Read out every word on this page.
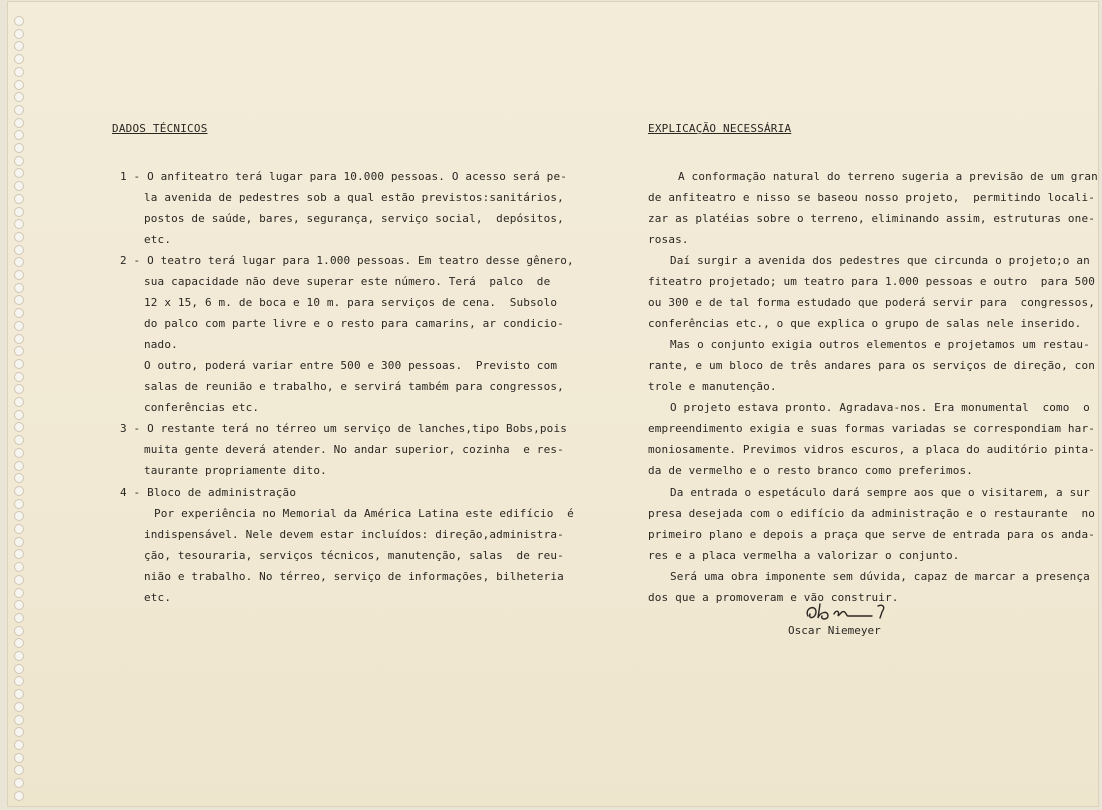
DADOS TÉCNICOS
1 - O anfiteatro terá lugar para 10.000 pessoas. O acesso será pe-
la avenida de pedestres sob a qual estão previstos:sanitários,
postos de saúde, bares, segurança, serviço social,  depósitos,
etc.
2 - O teatro terá lugar para 1.000 pessoas. Em teatro desse gênero,
sua capacidade não deve superar este número. Terá  palco  de
12 x 15, 6 m. de boca e 10 m. para serviços de cena.  Subsolo
do palco com parte livre e o resto para camarins, ar condicio-
nado.
O outro, poderá variar entre 500 e 300 pessoas.  Previsto com
salas de reunião e trabalho, e servirá também para congressos,
conferências etc.
3 - O restante terá no térreo um serviço de lanches,tipo Bobs,pois
muita gente deverá atender. No andar superior, cozinha  e res-
taurante propriamente dito.
4 - Bloco de administração
Por experiência no Memorial da América Latina este edifício  é
indispensável. Nele devem estar incluídos: direção,administra-
ção, tesouraria, serviços técnicos, manutenção, salas  de reu-
nião e trabalho. No térreo, serviço de informações, bilheteria
etc.
EXPLICAÇÃO NECESSÁRIA
A conformação natural do terreno sugeria a previsão de um gran
de anfiteatro e nisso se baseou nosso projeto,  permitindo locali-
zar as platéias sobre o terreno, eliminando assim, estruturas one-
rosas.
Daí surgir a avenida dos pedestres que circunda o projeto;o an
fiteatro projetado; um teatro para 1.000 pessoas e outro  para 500
ou 300 e de tal forma estudado que poderá servir para  congressos,
conferências etc., o que explica o grupo de salas nele inserido.
Mas o conjunto exigia outros elementos e projetamos um restau-
rante, e um bloco de três andares para os serviços de direção, con
trole e manutenção.
O projeto estava pronto. Agradava-nos. Era monumental  como  o
empreendimento exigia e suas formas variadas se correspondiam har-
moniosamente. Previmos vidros escuros, a placa do auditório pinta-
da de vermelho e o resto branco como preferimos.
Da entrada o espetáculo dará sempre aos que o visitarem, a sur
presa desejada com o edifício da administração e o restaurante  no
primeiro plano e depois a praça que serve de entrada para os anda-
res e a placa vermelha a valorizar o conjunto.
Será uma obra imponente sem dúvida, capaz de marcar a presença
dos que a promoveram e vão construir.
Oscar Niemeyer
